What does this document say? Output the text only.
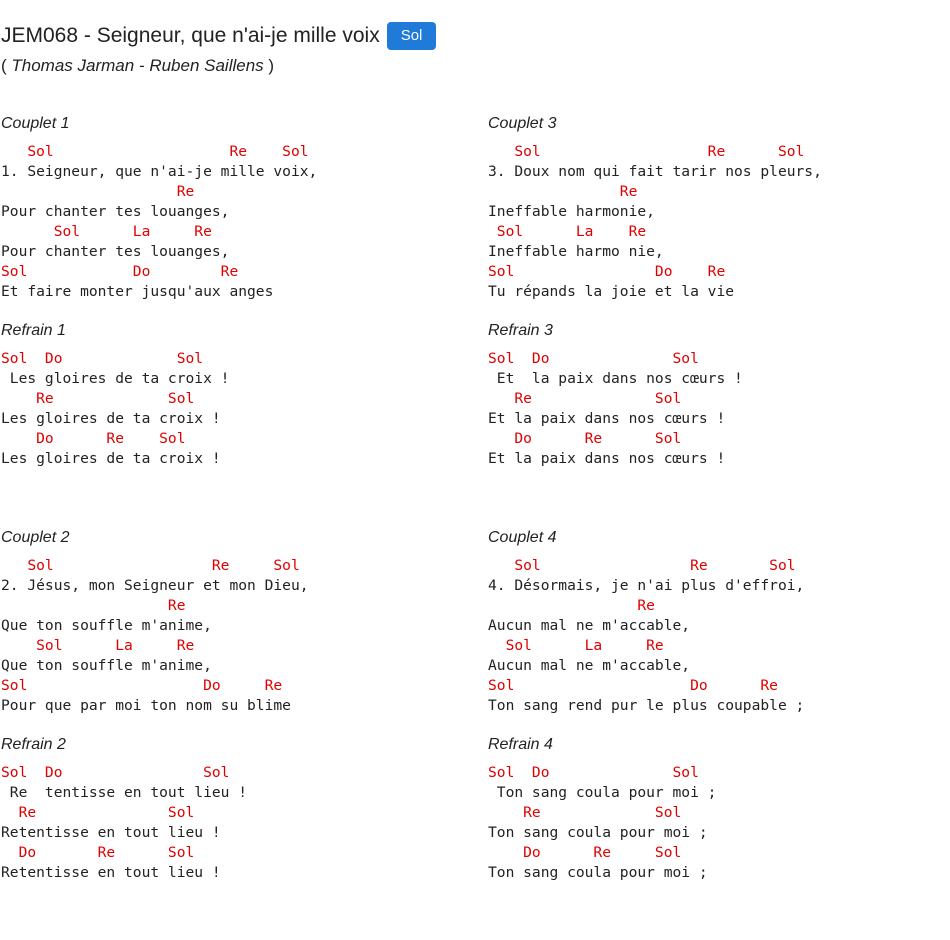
JEM068 - Seigneur, que n'ai-je mille voix	Sol
( Thomas Jarman - Ruben Saillens )
Couplet 1
Sol                    Re    Sol
1. Seigneur, que n'ai-je mille voix,
Re
Pour chanter tes louanges,
Sol      La     Re
Pour chanter tes louanges,
Sol            Do        Re
Et faire monter jusqu'aux anges
Refrain 1
Sol  Do             Sol
Les gloires de ta croix !
Re             Sol
Les gloires de ta croix !
Do      Re    Sol
Les gloires de ta croix !
Couplet 2
Sol                  Re     Sol
2. Jésus, mon Seigneur et mon Dieu,
Re
Que ton souffle m'anime,
Sol      La     Re
Que ton souffle m'anime,
Sol                    Do     Re
Pour que par moi ton nom su blime
Refrain 2
Sol  Do                Sol
Re  tentisse en tout lieu !
Re               Sol
Retentisse en tout lieu !
Do       Re      Sol
Retentisse en tout lieu !
Couplet 3
Sol                   Re      Sol
3. Doux nom qui fait tarir nos pleurs,
Re
Ineffable harmonie,
Sol      La    Re
Ineffable harmo nie,
Sol                Do    Re
Tu répands la joie et la vie
Refrain 3
Sol  Do              Sol
Et  la paix dans nos cœurs !
Re              Sol
Et la paix dans nos cœurs !
Do      Re      Sol
Et la paix dans nos cœurs !
Couplet 4
Sol                 Re       Sol
4. Désormais, je n'ai plus d'effroi,
Re
Aucun mal ne m'accable,
Sol      La     Re
Aucun mal ne m'accable,
Sol                    Do      Re
Ton sang rend pur le plus coupable ;
Refrain 4
Sol  Do              Sol
Ton sang coula pour moi ;
Re             Sol
Ton sang coula pour moi ;
Do      Re     Sol
Ton sang coula pour moi ;
